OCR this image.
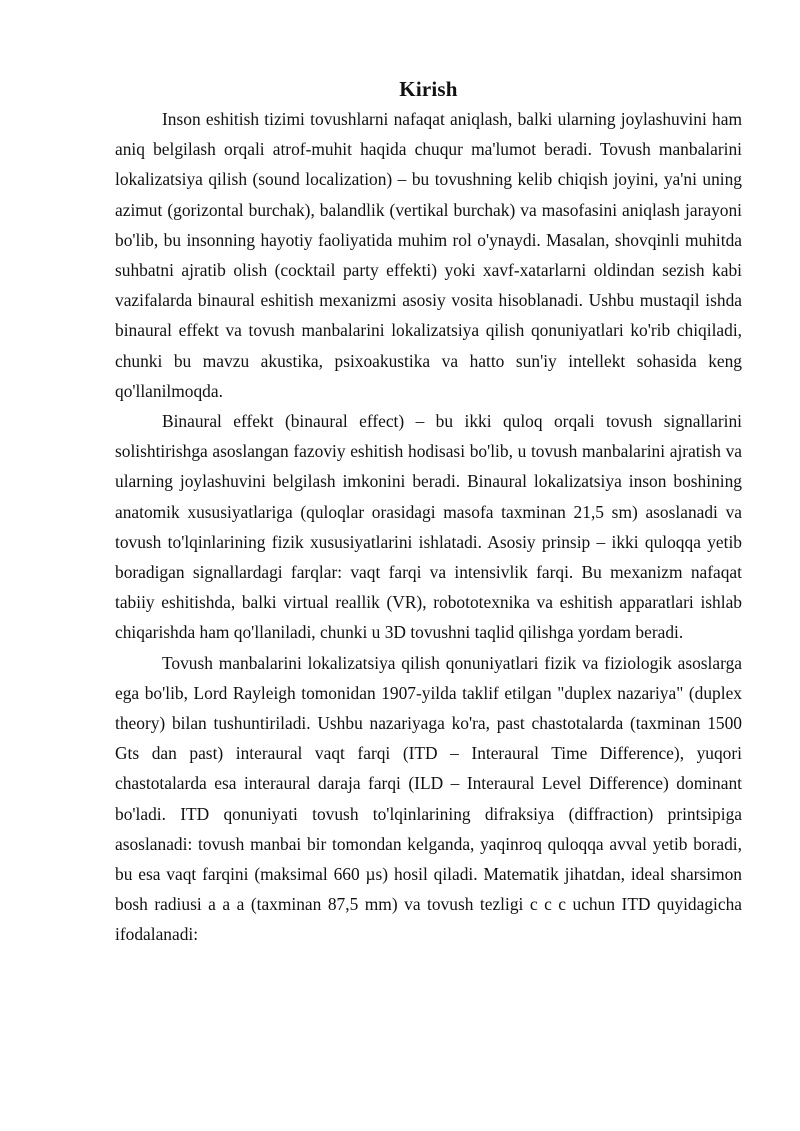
Kirish

Inson eshitish tizimi tovushlarni nafaqat aniqlash, balki ularning joylashuvini ham aniq belgilash orqali atrof-muhit haqida chuqur ma'lumot beradi. Tovush manbalarini lokalizatsiya qilish (sound localization) – bu tovushning kelib chiqish joyini, ya'ni uning azimut (gorizontal burchak), balandlik (vertikal burchak) va masofasini aniqlash jarayoni bo'lib, bu insonning hayotiy faoliyatida muhim rol o'ynaydi. Masalan, shovqinli muhitda suhbatni ajratib olish (cocktail party effekti) yoki xavf-xatarlarni oldindan sezish kabi vazifalarda binaural eshitish mexanizmi asosiy vosita hisoblanadi. Ushbu mustaqil ishda binaural effekt va tovush manbalarini lokalizatsiya qilish qonuniyatlari ko'rib chiqiladi, chunki bu mavzu akustika, psixoakustika va hatto sun'iy intellekt sohasida keng qo'llanilmoqda.

Binaural effekt (binaural effect) – bu ikki quloq orqali tovush signallarini solishtirishga asoslangan fazoviy eshitish hodisasi bo'lib, u tovush manbalarini ajratish va ularning joylashuvini belgilash imkonini beradi. Binaural lokalizatsiya inson boshining anatomik xususiyatlariga (quloqlar orasidagi masofa taxminan 21,5 sm) asoslanadi va tovush to'lqinlarining fizik xususiyatlarini ishlatadi. Asosiy prinsip – ikki quloqqa yetib boradigan signallardagi farqlar: vaqt farqi va intensivlik farqi. Bu mexanizm nafaqat tabiiy eshitishda, balki virtual reallik (VR), robototexnika va eshitish apparatlari ishlab chiqarishda ham qo'llaniladi, chunki u 3D tovushni taqlid qilishga yordam beradi.

Tovush manbalarini lokalizatsiya qilish qonuniyatlari fizik va fiziologik asoslarga ega bo'lib, Lord Rayleigh tomonidan 1907-yilda taklif etilgan "duplex nazariya" (duplex theory) bilan tushuntiriladi. Ushbu nazariyaga ko'ra, past chastotalarda (taxminan 1500 Gts dan past) interaural vaqt farqi (ITD – Interaural Time Difference), yuqori chastotalarda esa interaural daraja farqi (ILD – Interaural Level Difference) dominant bo'ladi. ITD qonuniyati tovush to'lqinlarining difraksiya (diffraction) printsipiga asoslanadi: tovush manbai bir tomondan kelganda, yaqinroq quloqqa avval yetib boradi, bu esa vaqt farqini (maksimal 660 µs) hosil qiladi. Matematik jihatdan, ideal sharsimon bosh radiusi a a a (taxminan 87,5 mm) va tovush tezligi c c c uchun ITD quyidagicha ifodalanadi:
